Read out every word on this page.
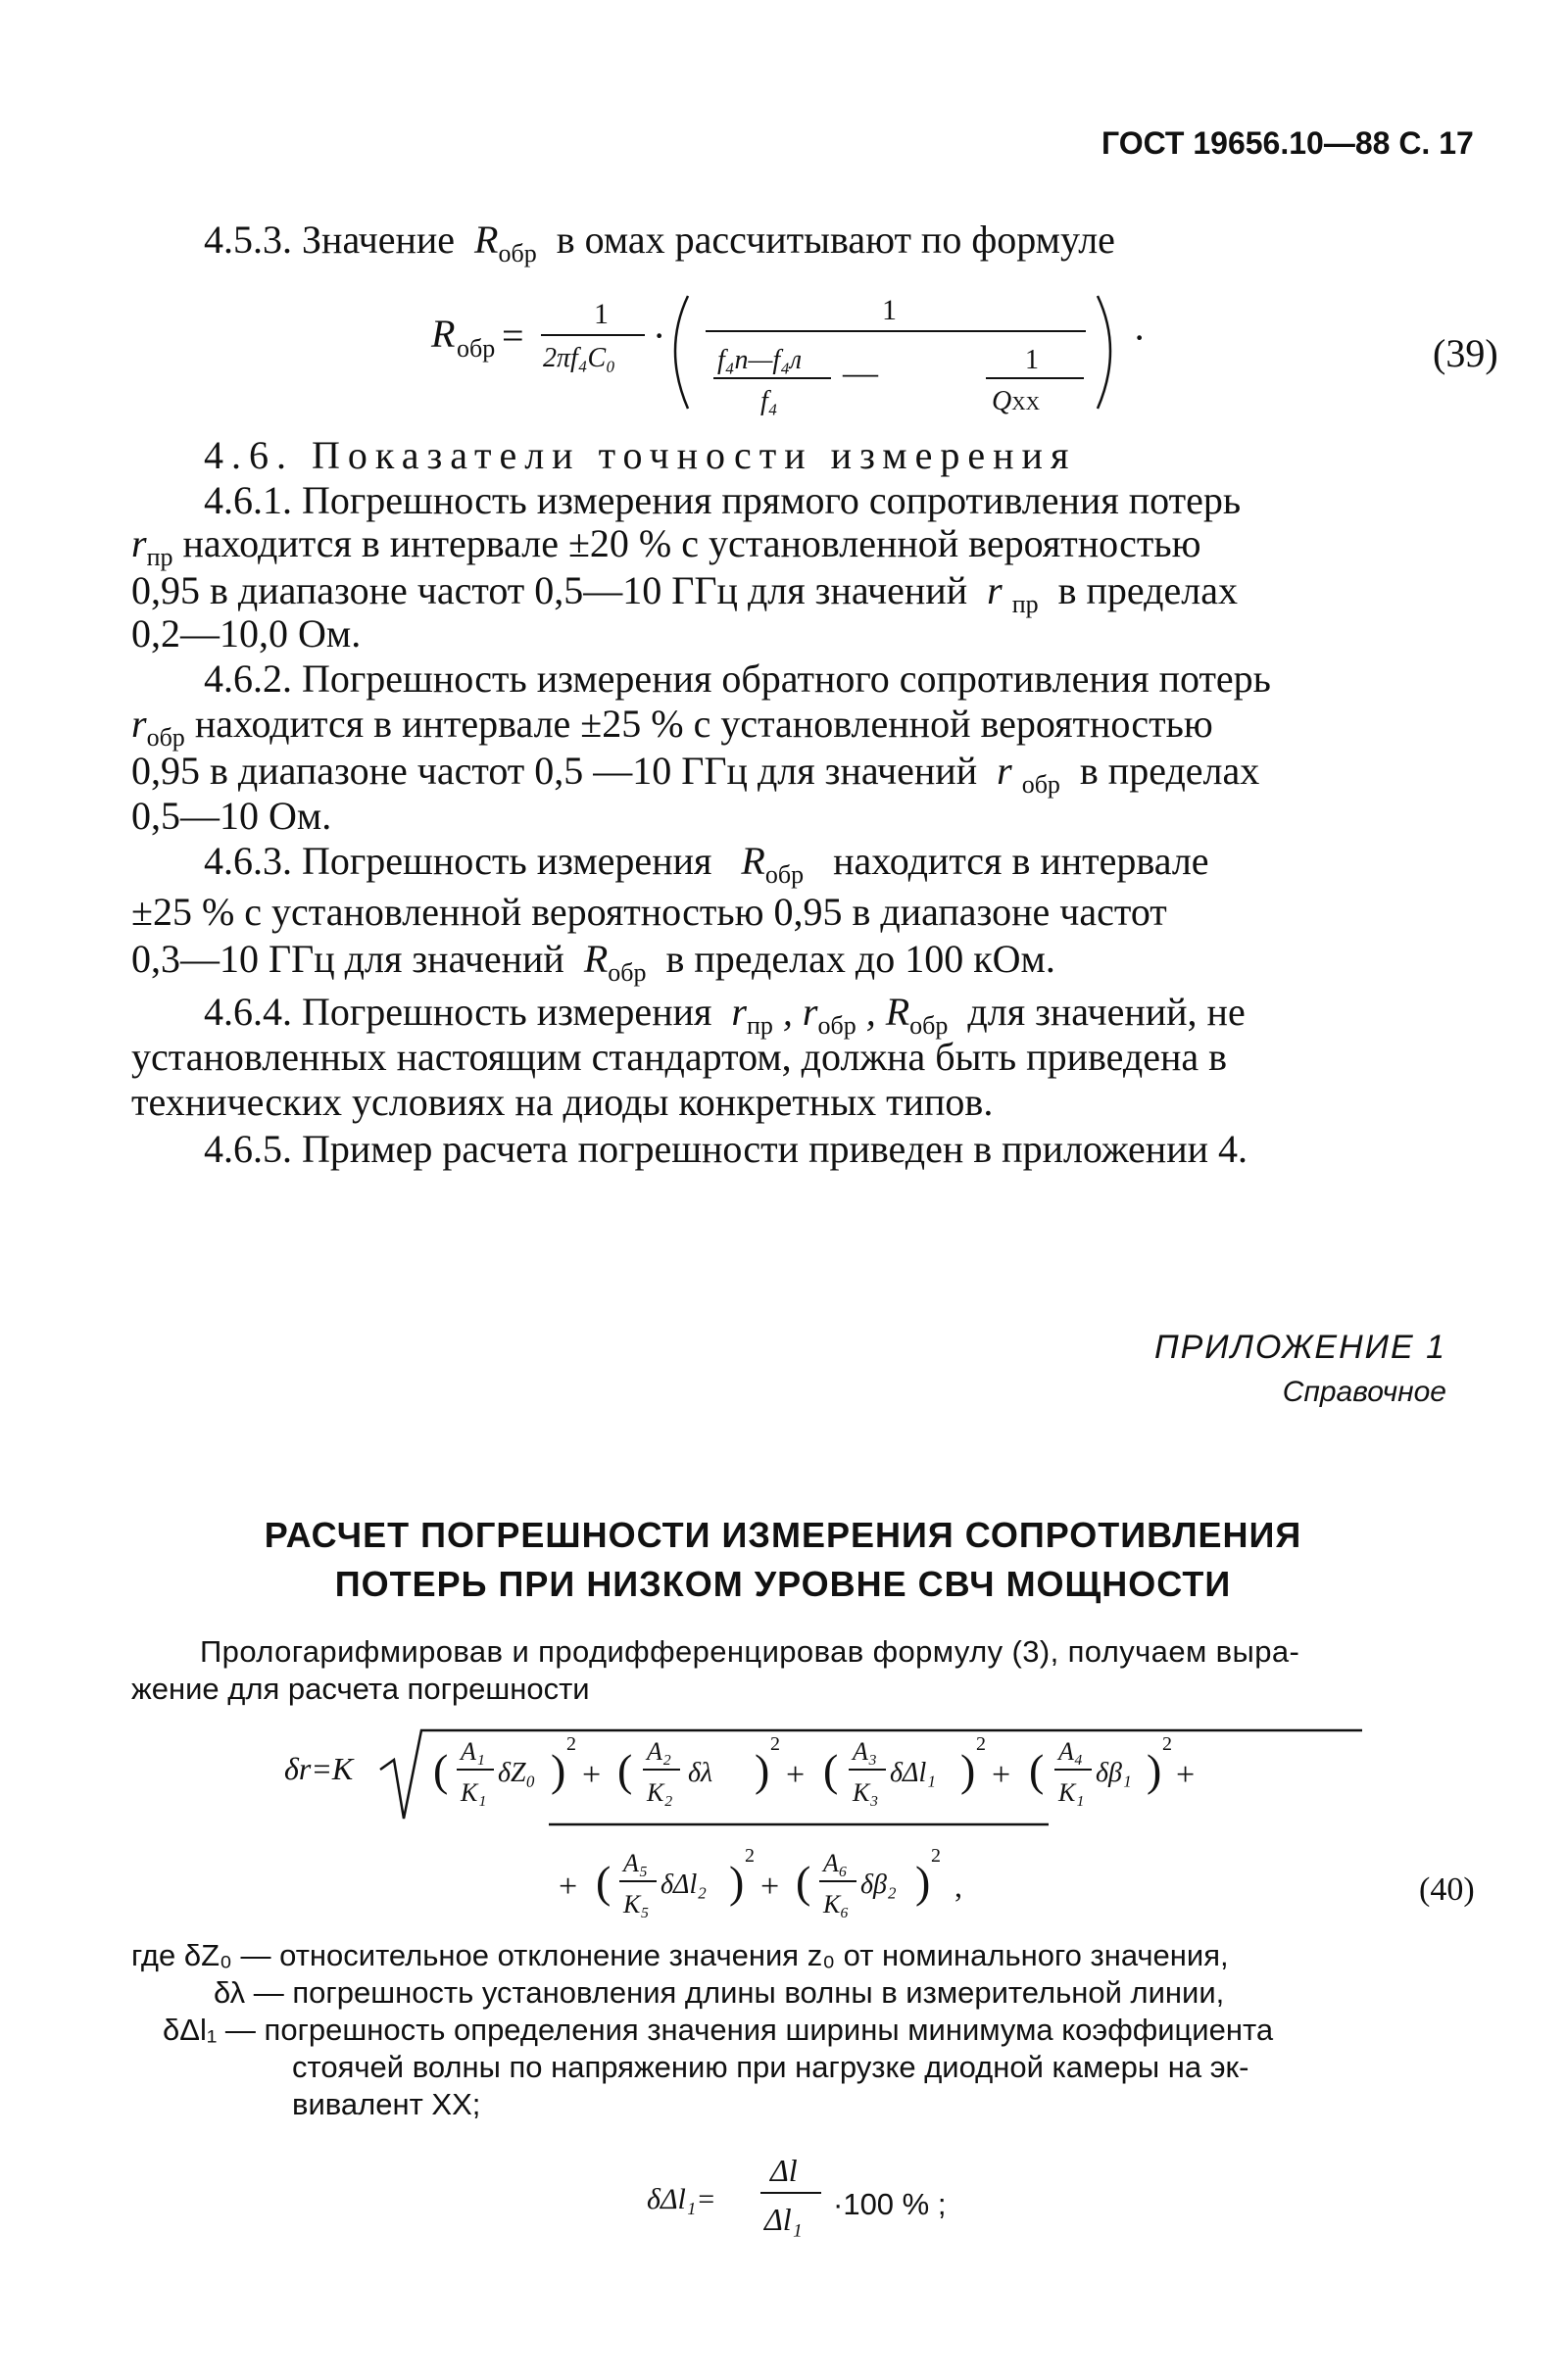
ГОСТ 19656.10—88 С. 17
4.5.3. Значение  $R_{обр}$ в омах рассчитывают по формуле
R обр = 1
2πf₄C₀
·
1
f₄п—f₄л
f₄
—	1
QXX
·	(39)
4.6. Показатели точности измерения
4.6.1. Погрешность измерения прямого сопротивления потерь
$r_{пр}$ находится в интервале ±20 % с установленной вероятностью
0,95 в диапазоне частот 0,5—10 ГГц для значений  r $_{пр}$ в пределах
0,2—10,0 Ом.
4.6.2. Погрешность измерения обратного сопротивления потерь
$r_{обр}$ находится в интервале ±25 % с установленной вероятностью
0,95 в диапазоне частот 0,5 —10 ГГц для значений  r $_{обр}$ в пределах
0,5—10 Ом.
4.6.3. Погрешность измерения   $R_{обр}$ находится в интервале
±25 % с установленной вероятностью 0,95 в диапазоне частот
0,3—10 ГГц для значений  $R_{обр}$ в пределах до 100 кОм.
4.6.4. Погрешность измерения  $r_{пр}$ , $r_{обр}$ , $R_{обр}$ для значений, не
установленных настоящим стандартом, должна быть приведена в
технических условиях на диоды конкретных типов.
4.6.5. Пример расчета погрешности приведен в приложении 4.
ПРИЛОЖЕНИЕ 1
Справочное
РАСЧЕТ ПОГРЕШНОСТИ ИЗМЕРЕНИЯ СОПРОТИВЛЕНИЯ
ПОТЕРЬ ПРИ НИЗКОМ УРОВНЕ СВЧ МОЩНОСТИ
Прологарифмировав и продифференцировав формулу (3), получаем выра-
жение для расчета погрешности
δr=K ( A₁
K₁
δZ₀ )
2
+ ( A₂
K₂
δλ )
2
+ ( A₃
K₃
δΔl₁ )
2
+ ( A₄
K₁
δβ₁ )
2
+
+ ( A₅
K₅
δΔl₂ )
2
+ ( A₆
K₆
δβ₂ )
2
,	(40)
где δZ₀ — относительное отклонение значения z₀ от номинального значения,
δλ — погрешность установления длины волны в измерительной линии,
δΔl₁ — погрешность определения значения ширины минимума коэффициента
стоячей волны по напряжению при нагрузке диодной камеры на эк-
вивалент XX;
δΔl₁=
Δl
Δl₁ ·100 % ;
